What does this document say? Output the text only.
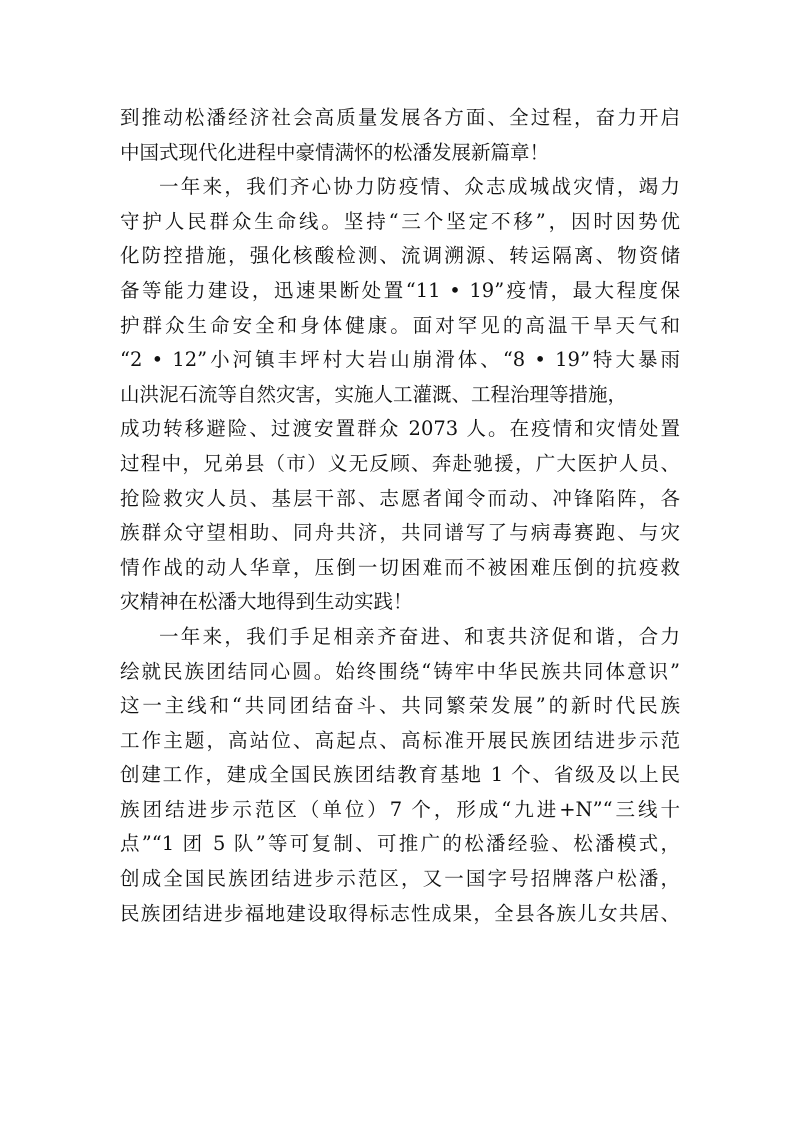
到推动松潘经济社会高质量发展各方面、全过程，奋力开启
中国式现代化进程中豪情满怀的松潘发展新篇章！
一年来，我们齐心协力防疫情、众志成城战灾情，竭力
守护人民群众生命线。坚持“三个坚定不移”，因时因势优
化防控措施，强化核酸检测、流调溯源、转运隔离、物资储
备等能力建设，迅速果断处置“11 • 19”疫情，最大程度保
护群众生命安全和身体健康。面对罕见的高温干旱天气和
“2 • 12”小河镇丰坪村大岩山崩滑体、“8 • 19”特大暴雨
山洪泥石流等自然灾害，实施人工灌溉、工程治理等措施，
成功转移避险、过渡安置群众 2073 人。在疫情和灾情处置
过程中，兄弟县（市）义无反顾、奔赴驰援，广大医护人员、
抢险救灾人员、基层干部、志愿者闻令而动、冲锋陷阵，各
族群众守望相助、同舟共济，共同谱写了与病毒赛跑、与灾
情作战的动人华章，压倒一切困难而不被困难压倒的抗疫救
灾精神在松潘大地得到生动实践！
一年来，我们手足相亲齐奋进、和衷共济促和谐，合力
绘就民族团结同心圆。始终围绕“铸牢中华民族共同体意识”
这一主线和“共同团结奋斗、共同繁荣发展”的新时代民族
工作主题，高站位、高起点、高标准开展民族团结进步示范
创建工作，建成全国民族团结教育基地 1 个、省级及以上民
族团结进步示范区（单位）7 个，形成“九进+N”“三线十
点”“1 团 5 队”等可复制、可推广的松潘经验、松潘模式，
创成全国民族团结进步示范区，又一国字号招牌落户松潘，
民族团结进步福地建设取得标志性成果，全县各族儿女共居、
